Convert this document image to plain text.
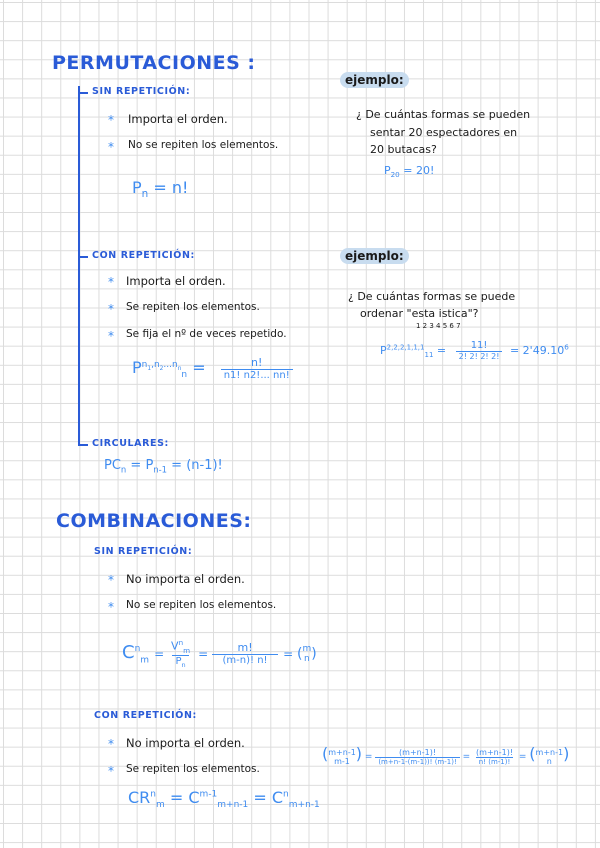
PERMUTACIONES :
SIN REPETICIÓN:
* Importa el orden.
* No se repiten los elementos.
$P_n = n$!
CON REPETICIÓN:
* Importa el orden.
* Se repiten los elementos.
* Se fija el nº de veces repetido.
$P^{n_1,n_2...n_n}_n = \frac{n!}{n1! n2!... nn!}$
CIRCULARES:
$PC_n = P_{n-1} = (n-1)$!
ejemplo:
¿ De cuántas formas se pueden
sentar 20 espectadores en
20 butacas?
$P_{20} = 20$!
ejemplo:
¿ De cuántas formas se puede
ordenar "esta istica"?
1 2 3 4 5 6 7
$P^{2,2,2,1,1,1}_{11} = \frac{11!}{2! 2! 2! 2!} = 2'49.10^6$
COMBINACIONES:
SIN REPETICIÓN:
* No importa el orden.
* No se repiten los elementos.
$C^n_m = \frac{V^n_m}{P_n} = \frac{m!}{(m-n)! n!}$ = ( m
n )
CON REPETICIÓN:
* No importa el orden.
* Se repiten los elementos.
$CR^n_m = C^{m-1}_{m+n-1} = C^n_{m+n-1}$
( m+n-1
m-1 ) = $\frac{(m+n-1)!}{(m+n-1-(m-1))! (m-1)!} = \frac{(m+n-1)!}{n! (m-1)!}$ = ( m+n-1
n )
